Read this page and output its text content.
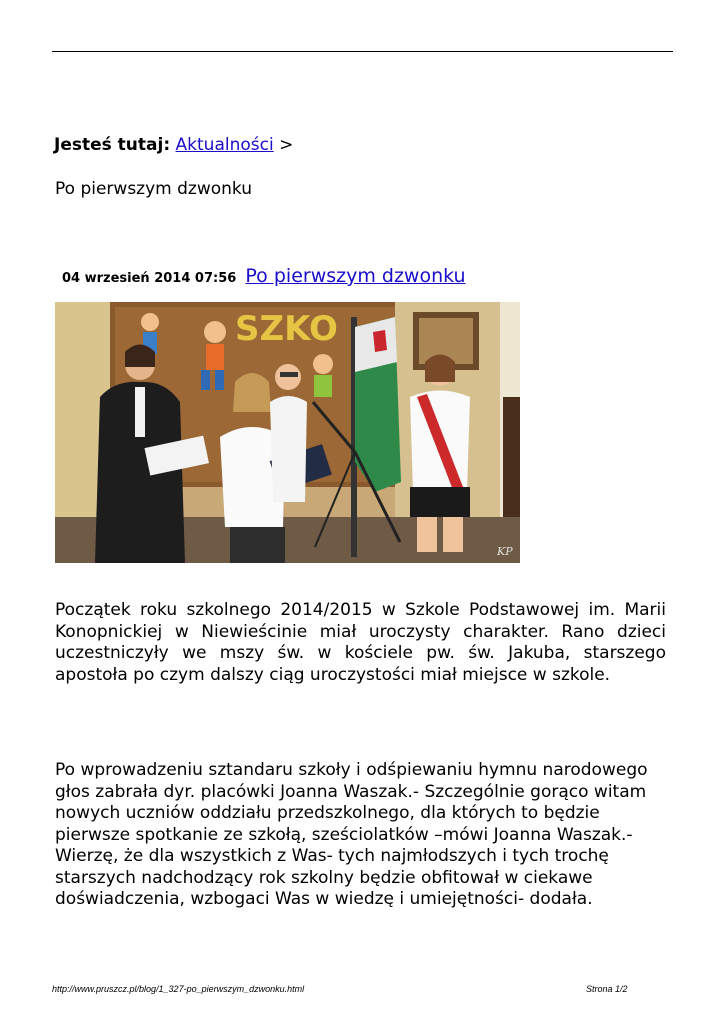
Jesteś tutaj: Aktualności >
Po pierwszym dzwonku
04 wrzesień 2014 07:56 Po pierwszym dzwonku
SZKO
KP

Początek roku szkolnego 2014/2015 w Szkole Podstawowej im. Marii Konopnickiej w Niewieścinie miał uroczysty charakter. Rano dzieci uczestniczyły we mszy św. w kościele pw. św. Jakuba, starszego apostoła po czym dalszy ciąg uroczystości miał miejsce w szkole.

Po wprowadzeniu sztandaru szkoły i odśpiewaniu hymnu narodowego głos zabrała dyr. placówki Joanna Waszak.- Szczególnie gorąco witam nowych uczniów oddziału przedszkolnego, dla których to będzie pierwsze spotkanie ze szkołą, sześciolatków –mówi Joanna Waszak.- Wierzę, że dla wszystkich z Was- tych najmłodszych i tych trochę starszych nadchodzący rok szkolny będzie obfitował w ciekawe doświadczenia, wzbogaci Was w wiedzę i umiejętności- dodała.

http://www.pruszcz.pl/blog/1_327-po_pierwszym_dzwonku.html	Strona 1/2
